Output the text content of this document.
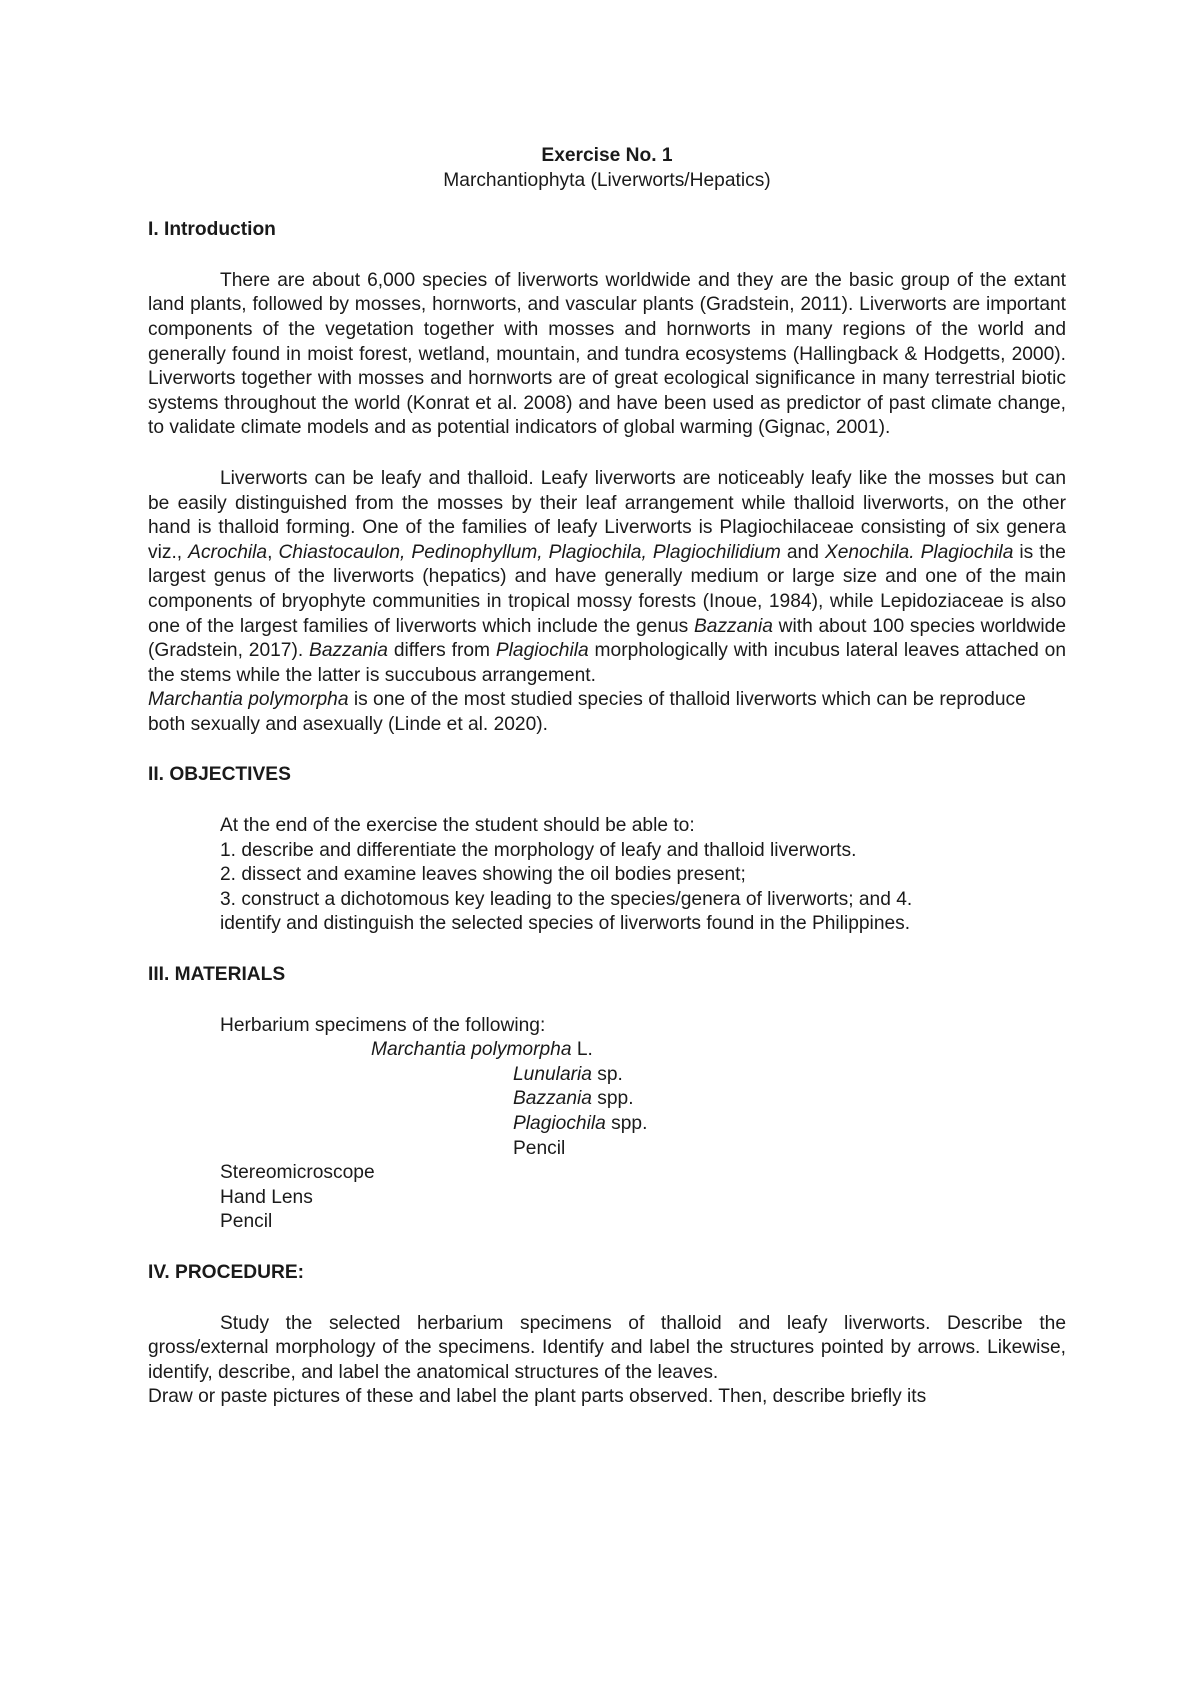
Exercise No. 1
Marchantiophyta (Liverworts/Hepatics)
I. Introduction

There are about 6,000 species of liverworts worldwide and they are the basic group of the extant land plants, followed by mosses, hornworts, and vascular plants (Gradstein, 2011). Liverworts are important components of the vegetation together with mosses and hornworts in many regions of the world and generally found in moist forest, wetland, mountain, and tundra ecosystems (Hallingback & Hodgetts, 2000). Liverworts together with mosses and hornworts are of great ecological significance in many terrestrial biotic systems throughout the world (Konrat et al. 2008) and have been used as predictor of past climate change, to validate climate models and as potential indicators of global warming (Gignac, 2001).

Liverworts can be leafy and thalloid. Leafy liverworts are noticeably leafy like the mosses but can be easily distinguished from the mosses by their leaf arrangement while thalloid liverworts, on the other hand is thalloid forming. One of the families of leafy Liverworts is Plagiochilaceae consisting of six genera viz., Acrochila, Chiastocaulon, Pedinophyllum, Plagiochila, Plagiochilidium and Xenochila. Plagiochila is the largest genus of the liverworts (hepatics) and have generally medium or large size and one of the main components of bryophyte communities in tropical mossy forests (Inoue, 1984), while Lepidoziaceae is also one of the largest families of liverworts which include the genus Bazzania with about 100 species worldwide (Gradstein, 2017). Bazzania differs from Plagiochila morphologically with incubus lateral leaves attached on the stems while the latter is succubous arrangement.

Marchantia polymorpha is one of the most studied species of thalloid liverworts which can be reproduce both sexually and asexually (Linde et al. 2020).

II. OBJECTIVES
At the end of the exercise the student should be able to:
1. describe and differentiate the morphology of leafy and thalloid liverworts.
2. dissect and examine leaves showing the oil bodies present;
3. construct a dichotomous key leading to the species/genera of liverworts; and 4.
identify and distinguish the selected species of liverworts found in the Philippines.
III. MATERIALS
Herbarium specimens of the following:
Marchantia polymorpha L.
Lunularia sp.
Bazzania spp.
Plagiochila spp.
Pencil
Stereomicroscope
Hand Lens
Pencil
IV. PROCEDURE:

Study the selected herbarium specimens of thalloid and leafy liverworts. Describe the gross/external morphology of the specimens. Identify and label the structures pointed by arrows. Likewise, identify, describe, and label the anatomical structures of the leaves.

Draw or paste pictures of these and label the plant parts observed. Then, describe briefly its
